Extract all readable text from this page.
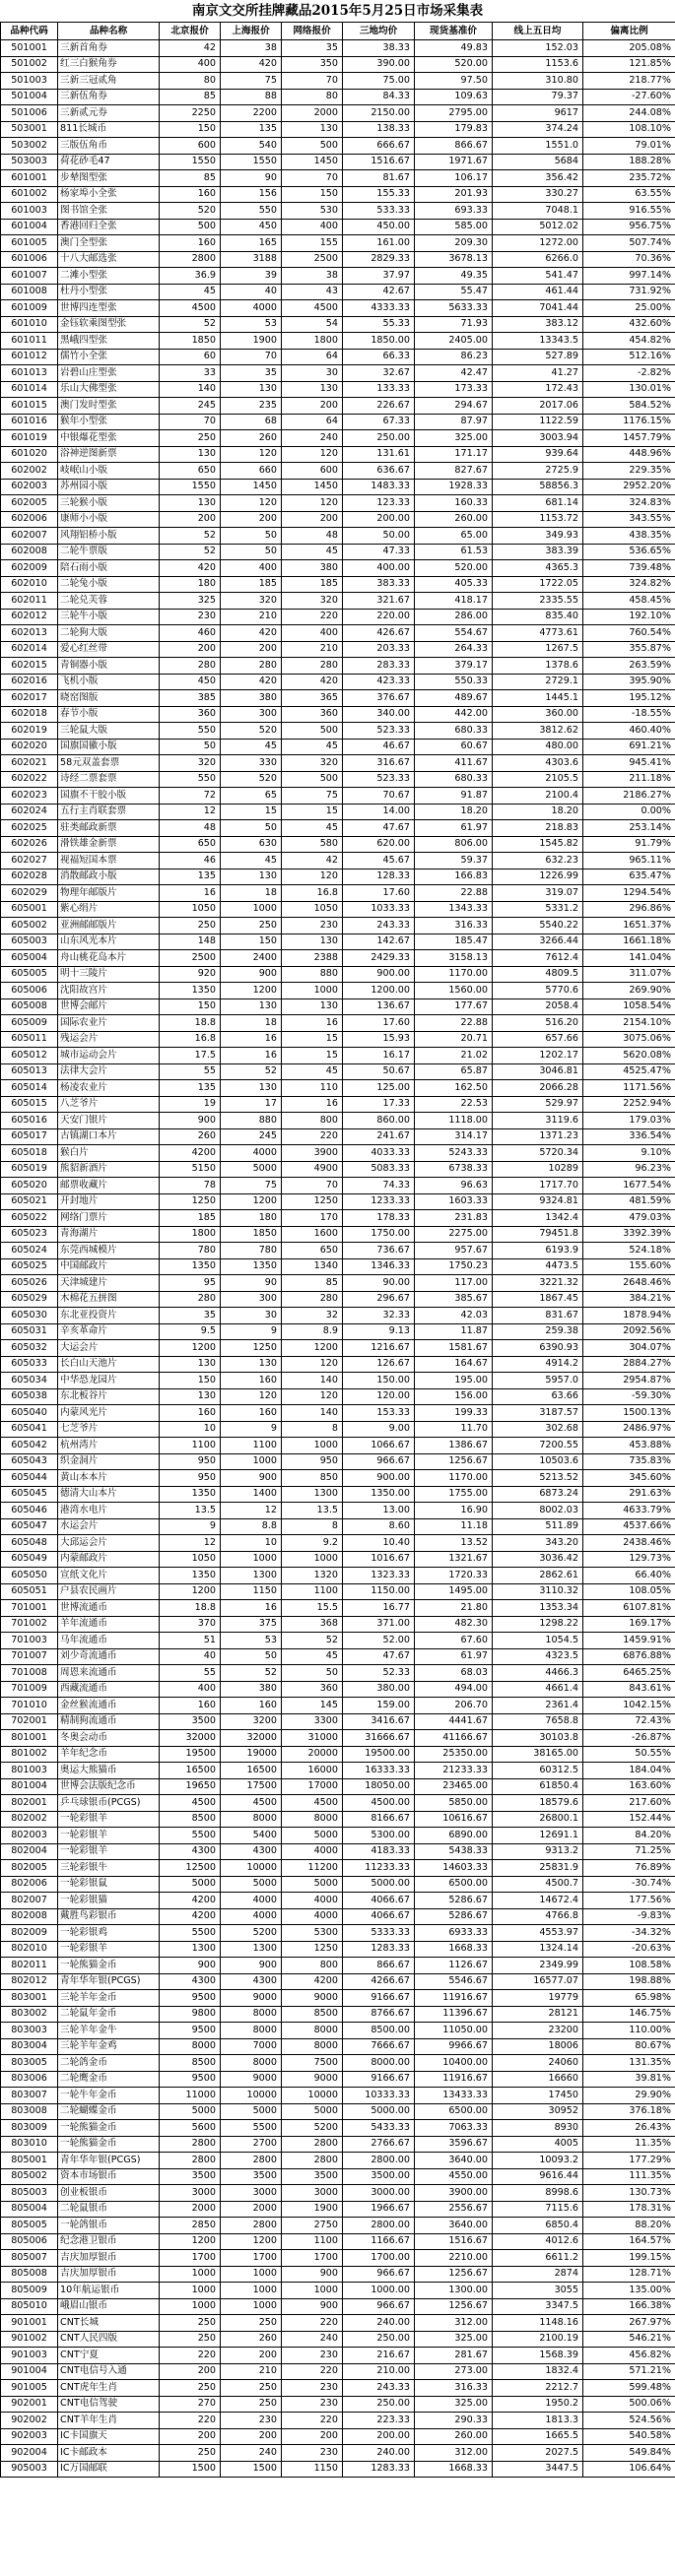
南京文交所挂牌藏品2015年5月25日市场采集表
品种代码	品种名称	北京报价	上海报价	网络报价	三地均价	现货基准价	线上五日均	偏离比例
501001	三新首角券	42	38	35	38.33	49.83	152.03	205.08%
501002	红三白猴角券	400	420	350	390.00	520.00	1153.6	121.85%
501003	三新三冠贰角	80	75	70	75.00	97.50	310.80	218.77%
501004	三新伍角券	85	88	80	84.33	109.63	79.37	-27.60%
501006	三新贰元券	2250	2200	2000	2150.00	2795.00	9617	244.08%
503001	811长城币	150	135	130	138.33	179.83	374.24	108.10%
503002	三版伍角币	600	540	500	666.67	866.67	1551.0	79.01%
503003	荷花砂毛47	1550	1550	1450	1516.67	1971.67	5684	188.28%
601001	步辇图型张	85	90	70	81.67	106.17	356.42	235.72%
601002	杨家埠小全张	160	156	150	155.33	201.93	330.27	63.55%
601003	图书馆全张	520	550	530	533.33	693.33	7048.1	916.55%
601004	香港回归全张	500	450	400	450.00	585.00	5012.02	956.75%
601005	澳门全型张	160	165	155	161.00	209.30	1272.00	507.74%
601006	十八大邮选张	2800	3188	2500	2829.33	3678.13	6266.0	70.36%
601007	二滩小型张	36.9	39	38	37.97	49.35	541.47	997.14%
601008	杜丹小型张	45	40	43	42.67	55.47	461.44	731.92%
601009	世博四连型张	4500	4000	4500	4333.33	5633.33	7041.44	25.00%
601010	金钰软乘图型张	52	53	54	55.33	71.93	383.12	432.60%
601011	黑峨四型张	1850	1900	1800	1850.00	2405.00	13343.5	454.82%
601012	儒竹小全张	60	70	64	66.33	86.23	527.89	512.16%
601013	岩碧山庄型张	33	35	30	32.67	42.47	41.27	-2.82%
601014	乐山大佛型张	140	130	130	133.33	173.33	172.43	130.01%
601015	澳门发时型张	245	235	200	226.67	294.67	2017.06	584.52%
601016	猴年小型张	70	68	64	67.33	87.97	1122.59	1176.15%
601019	中银爆花型张	250	260	240	250.00	325.00	3003.94	1457.79%
601020	浴神逆图新票	130	120	120	131.61	171.17	939.64	448.96%
602002	岐岷山小版	650	660	600	636.67	827.67	2725.9	229.35%
602003	苏州园小版	1550	1450	1450	1483.33	1928.33	58856.3	2952.20%
602005	三轮猴小版	130	120	120	123.33	160.33	681.14	324.83%
602006	康师小小版	200	200	200	200.00	260.00	1153.72	343.55%
602007	风翔铝桥小版	52	50	48	50.00	65.00	349.93	438.35%
602008	二轮牛票版	52	50	45	47.33	61.53	383.39	536.65%
602009	陪石雨小版	420	400	380	400.00	520.00	4365.3	739.48%
602010	二轮兔小版	180	185	185	383.33	405.33	1722.05	324.82%
602011	二轮兑芙蓉	325	320	320	321.67	418.17	2335.55	458.45%
602012	三轮牛小版	230	210	220	220.00	286.00	835.40	192.10%
602013	二轮狗大版	460	420	400	426.67	554.67	4773.61	760.54%
602014	爱心红丝带	200	200	210	203.33	264.33	1267.5	355.87%
602015	青铜器小版	280	280	280	283.33	379.17	1378.6	263.59%
602016	飞机小版	450	420	420	423.33	550.33	2729.1	395.90%
602017	晓窑图版	385	380	365	376.67	489.67	1445.1	195.12%
602018	春节小版	360	300	360	340.00	442.00	360.00	-18.55%
602019	三轮鼠大版	550	520	500	523.33	680.33	3812.62	460.40%
602020	国旗国徽小版	50	45	45	46.67	60.67	480.00	691.21%
602021	58元双盖套票	320	330	320	316.67	411.67	4303.6	945.41%
602022	诗经二票套票	550	520	500	523.33	680.33	2105.5	211.18%
602023	国旗不干胶小版	72	65	75	70.67	91.87	2100.4	2186.27%
602024	五行主肖联套票	12	15	15	14.00	18.20	18.20	0.00%
602025	驻类邮政新票	48	50	45	47.67	61.97	218.83	253.14%
602026	滑铁雄金新票	650	630	580	620.00	806.00	1545.82	91.79%
602027	视福短国本票	46	45	42	45.67	59.37	632.23	965.11%
602028	消散邮政小版	135	130	120	128.33	166.83	1226.99	635.47%
602029	物理年邮版片	16	18	16.8	17.60	22.88	319.07	1294.54%
605001	紫心绢片	1050	1000	1050	1033.33	1343.33	5331.2	296.86%
605002	亚洲邮邮版片	250	250	230	243.33	316.33	5540.22	1651.37%
605003	山东风光本片	148	150	130	142.67	185.47	3266.44	1661.18%
605004	舟山桃花岛本片	2500	2400	2388	2429.33	3158.13	7612.4	141.04%
605005	明十三陵片	920	900	880	900.00	1170.00	4809.5	311.07%
605006	沈阳故宫片	1350	1200	1000	1200.00	1560.00	5770.6	269.90%
605008	世博会邮片	150	130	130	136.67	177.67	2058.4	1058.54%
605009	国际农业片	18.8	18	16	17.60	22.88	516.20	2154.10%
605011	残运会片	16.8	16	15	15.93	20.71	657.66	3075.06%
605012	城市运动会片	17.5	16	15	16.17	21.02	1202.17	5620.08%
605013	法律大会片	55	52	45	50.67	65.87	3046.81	4525.47%
605014	杨凌农业片	135	130	110	125.00	162.50	2066.28	1171.56%
605015	八芝爷片	19	17	16	17.33	22.53	529.97	2252.94%
605016	天安门银片	900	880	800	860.00	1118.00	3119.6	179.03%
605017	古镇湖口本片	260	245	220	241.67	314.17	1371.23	336.54%
605018	猴白片	4200	4000	3900	4033.33	5243.33	5720.34	9.10%
605019	熊貂新酒片	5150	5000	4900	5083.33	6738.33	10289	96.23%
605020	邮票收藏片	78	75	70	74.33	96.63	1717.70	1677.54%
605021	开封地片	1250	1200	1250	1233.33	1603.33	9324.81	481.59%
605022	网络门票片	185	180	170	178.33	231.83	1342.4	479.03%
605023	青海湖片	1800	1850	1600	1750.00	2275.00	79451.8	3392.39%
605024	东莞西城模片	780	780	650	736.67	957.67	6193.9	524.18%
605025	中国邮政片	1350	1350	1340	1346.33	1750.23	4473.5	155.60%
605026	天津城建片	95	90	85	90.00	117.00	3221.32	2648.46%
605029	木棉花五拼图	280	300	280	296.67	385.67	1867.45	384.21%
605030	东北亚投资片	35	30	32	32.33	42.03	831.67	1878.94%
605031	辛亥革命片	9.5	9	8.9	9.13	11.87	259.38	2092.56%
605032	大运会片	1200	1250	1200	1216.67	1581.67	6390.93	304.07%
605033	长白山天池片	130	130	120	126.67	164.67	4914.2	2884.27%
605034	中华恐龙园片	150	160	140	150.00	195.00	5957.0	2954.87%
605038	东北板谷片	130	120	120	120.00	156.00	63.66	-59.30%
605040	内蒙风光片	160	160	140	153.33	199.33	3187.57	1500.13%
605041	七芝爷片	10	9	8	9.00	11.70	302.68	2486.97%
605042	杭州湾片	1100	1100	1000	1066.67	1386.67	7200.55	453.88%
605043	织金洞片	950	1000	950	966.67	1256.67	10503.6	735.83%
605044	黄山本本片	950	900	850	900.00	1170.00	5213.52	345.60%
605045	德清大山本片	1350	1400	1300	1350.00	1755.00	6873.24	291.63%
605046	港湾水电片	13.5	12	13.5	13.00	16.90	8002.03	4633.79%
605047	水运会片	9	8.8	8	8.60	11.18	511.89	4537.66%
605048	大邱运会片	12	10	9.2	10.40	13.52	343.20	2438.46%
605049	内蒙邮政片	1050	1000	1000	1016.67	1321.67	3036.42	129.73%
605050	宣纸文化片	1350	1300	1320	1323.33	1720.33	2862.61	66.40%
605051	户县农民画片	1200	1150	1100	1150.00	1495.00	3110.32	108.05%
701001	世博流通币	18.8	16	15.5	16.77	21.80	1353.34	6107.81%
701002	羊年流通币	370	375	368	371.00	482.30	1298.22	169.17%
701003	马年流通币	51	53	52	52.00	67.60	1054.5	1459.91%
701007	刘少奇流通币	40	50	45	47.67	61.97	4323.5	6876.88%
701008	周恩来流通币	55	52	50	52.33	68.03	4466.3	6465.25%
701009	西藏流通币	400	380	360	380.00	494.00	4661.4	843.61%
701010	金丝猴流通币	160	160	145	159.00	206.70	2361.4	1042.15%
702001	精制狗流通币	3500	3200	3300	3416.67	4441.67	7658.8	72.43%
801001	冬奥会动币	32000	32000	31000	31666.67	41166.67	30103.8	-26.87%
801002	羊年纪念币	19500	19000	20000	19500.00	25350.00	38165.00	50.55%
801003	奥运大熊猫币	16500	16500	16000	16333.33	21233.33	60312.5	184.04%
801004	世博会法版纪念币	19650	17500	17000	18050.00	23465.00	61850.4	163.60%
802001	乒乓球银币(PCGS)	4500	4500	4500	4500.00	5850.00	18579.6	217.60%
802002	一轮彩银羊	8500	8000	8000	8166.67	10616.67	26800.1	152.44%
802003	一轮彩银羊	5500	5400	5000	5300.00	6890.00	12691.1	84.20%
802004	一轮彩银羊	4300	4300	4000	4183.33	5438.33	9313.2	71.25%
802005	三轮彩银牛	12500	10000	11200	11233.33	14603.33	25831.9	76.89%
802006	一轮彩银鼠	5000	5000	5000	5000.00	6500.00	4500.7	-30.74%
802007	一轮彩银猫	4200	4000	4000	4066.67	5286.67	14672.4	177.56%
802008	戴胜鸟彩银币	4200	4000	4000	4066.67	5286.67	4766.8	-9.83%
802009	一轮彩银鸡	5500	5200	5300	5333.33	6933.33	4553.97	-34.32%
802010	一轮彩银羊	1300	1300	1250	1283.33	1668.33	1324.14	-20.63%
802011	一轮熊猫金币	900	900	800	866.67	1126.67	2349.99	108.58%
802012	青年华年银(PCGS)	4300	4300	4200	4266.67	5546.67	16577.07	198.88%
803001	三轮羊年金币	9500	9000	9000	9166.67	11916.67	19779	65.98%
803002	二轮鼠年金币	9800	8000	8500	8766.67	11396.67	28121	146.75%
803003	三轮羊年金牛	9500	8000	8000	8500.00	11050.00	23200	110.00%
803004	三轮羊年金鸡	8000	7000	8000	7666.67	9966.67	18006	80.67%
803005	二轮鸽金币	8500	8000	7500	8000.00	10400.00	24060	131.35%
803006	二轮鹰金币	9500	9000	9000	9166.67	11916.67	16660	39.81%
803007	一轮牛年金币	11000	10000	10000	10333.33	13433.33	17450	29.90%
803008	二轮蝴蝶金币	5000	5000	5000	5000.00	6500.00	30952	376.18%
803009	一轮熊猫金币	5600	5500	5200	5433.33	7063.33	8930	26.43%
803010	一轮熊猫金币	2800	2700	2800	2766.67	3596.67	4005	11.35%
805001	青年华年银(PCGS)	2800	2800	2800	2800.00	3640.00	10093.2	177.29%
805002	资本市场银币	3500	3500	3500	3500.00	4550.00	9616.44	111.35%
805003	创业板银币	3000	3000	3000	3000.00	3900.00	8998.6	130.73%
805004	二轮鼠银币	2000	2000	1900	1966.67	2556.67	7115.6	178.31%
805005	一轮鸽银币	2850	2800	2750	2800.00	3640.00	6850.4	88.20%
805006	纪念港卫银币	1200	1200	1100	1166.67	1516.67	4012.6	164.57%
805007	吉庆加厚银币	1700	1700	1700	1700.00	2210.00	6611.2	199.15%
805008	吉庆加厚银币	1000	1000	900	966.67	1256.67	2874	128.71%
805009	10年航运银币	1000	1000	1000	1000.00	1300.00	3055	135.00%
805010	峨眉山银币	1000	1000	900	966.67	1256.67	3347.5	166.38%
901001	CNT长城	250	250	220	240.00	312.00	1148.16	267.97%
901002	CNT人民四版	250	260	240	250.00	325.00	2100.19	546.21%
901003	CNT宁夏	220	200	230	216.67	281.67	1568.39	456.82%
901004	CNT电信号入通	200	210	220	210.00	273.00	1832.4	571.21%
901005	CNT虎年生肖	250	250	230	243.33	316.33	2212.7	599.48%
902001	CNT电信驾驶	270	250	230	250.00	325.00	1950.2	500.06%
902002	CNT羊年生肖	220	230	220	223.33	290.33	1813.3	524.56%
902003	IC卡国旗天	200	200	200	200.00	260.00	1665.5	540.58%
902004	IC卡邮政本	250	240	230	240.00	312.00	2027.5	549.84%
905003	IC万国邮联	1500	1500	1150	1283.33	1668.33	3447.5	106.64%
